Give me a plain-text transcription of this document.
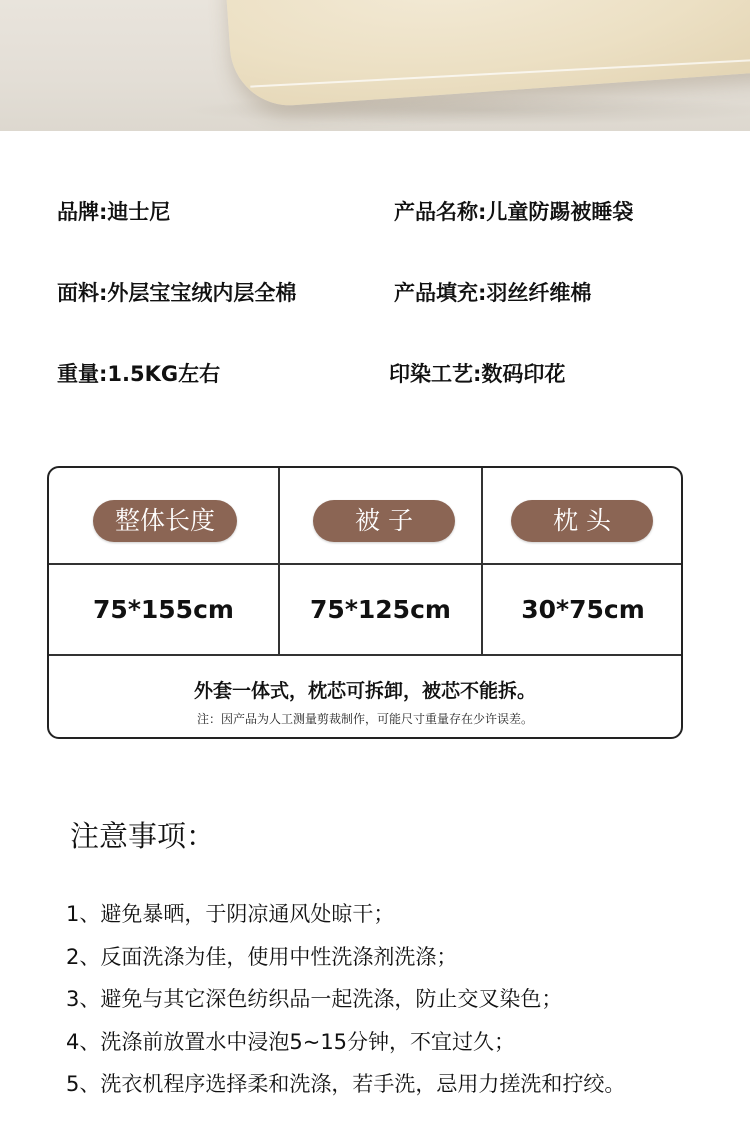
品牌:迪士尼	产品名称:儿童防踢被睡袋
面料:外层宝宝绒内层全棉	产品填充:羽丝纤维棉
重量:1.5KG左右	印染工艺:数码印花
整体长度	被 子	枕 头
75*155cm	75*125cm	30*75cm
外套一体式，枕芯可拆卸，被芯不能拆。
注：因产品为人工测量剪裁制作，可能尺寸重量存在少许误差。
注意事项：
1、避免暴晒，于阴凉通风处晾干；
2、反面洗涤为佳，使用中性洗涤剂洗涤；
3、避免与其它深色纺织品一起洗涤，防止交叉染色；
4、洗涤前放置水中浸泡5~15分钟，不宜过久；
5、洗衣机程序选择柔和洗涤，若手洗，忌用力搓洗和拧绞。
